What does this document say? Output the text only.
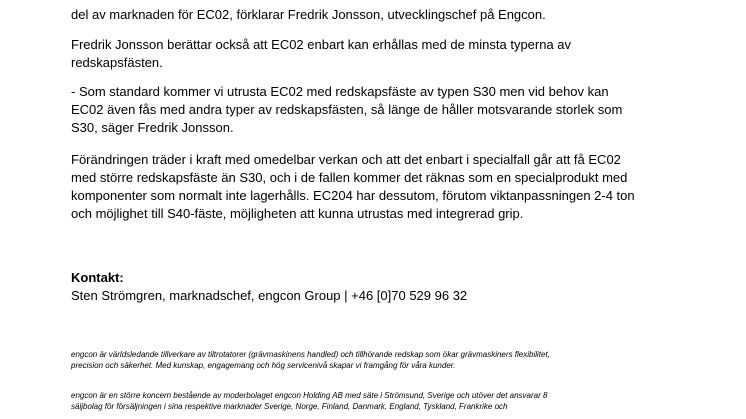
del av marknaden för EC02, förklarar Fredrik Jonsson, utvecklingschef på Engcon.
Fredrik Jonsson berättar också att EC02 enbart kan erhållas med de minsta typerna av
redskapsfästen.
- Som standard kommer vi utrusta EC02 med redskapsfäste av typen S30 men vid behov kan
EC02 även fås med andra typer av redskapsfästen, så länge de håller motsvarande storlek som
S30, säger Fredrik Jonsson.
Förändringen träder i kraft med omedelbar verkan och att det enbart i specialfall går att få EC02
med större redskapsfäste än S30, och i de fallen kommer det räknas som en specialprodukt med
komponenter som normalt inte lagerhålls. EC204 har dessutom, förutom viktanpassningen 2-4 ton
och möjlighet till S40-fäste, möjligheten att kunna utrustas med integrerad grip.

Kontakt:

Sten Strömgren, marknadschef, engcon Group | +46 [0]70 529 96 32

engcon är världsledande tillverkare av tiltrotatorer (grävmaskinens handled) och tillhörande redskap som ökar grävmaskiners flexibilitet,
precision och säkerhet. Med kunskap, engagemang och hög servicenivå skapar vi framgång för våra kunder.
engcon är en större koncern bestående av moderbolaget engcon Holding AB med säte i Strömsund, Sverige och utöver det ansvarar 8
säljbolag för försäljningen i sina respektive marknader Sverige, Norge, Finland, Danmark, England, Tyskland, Frankrike och
